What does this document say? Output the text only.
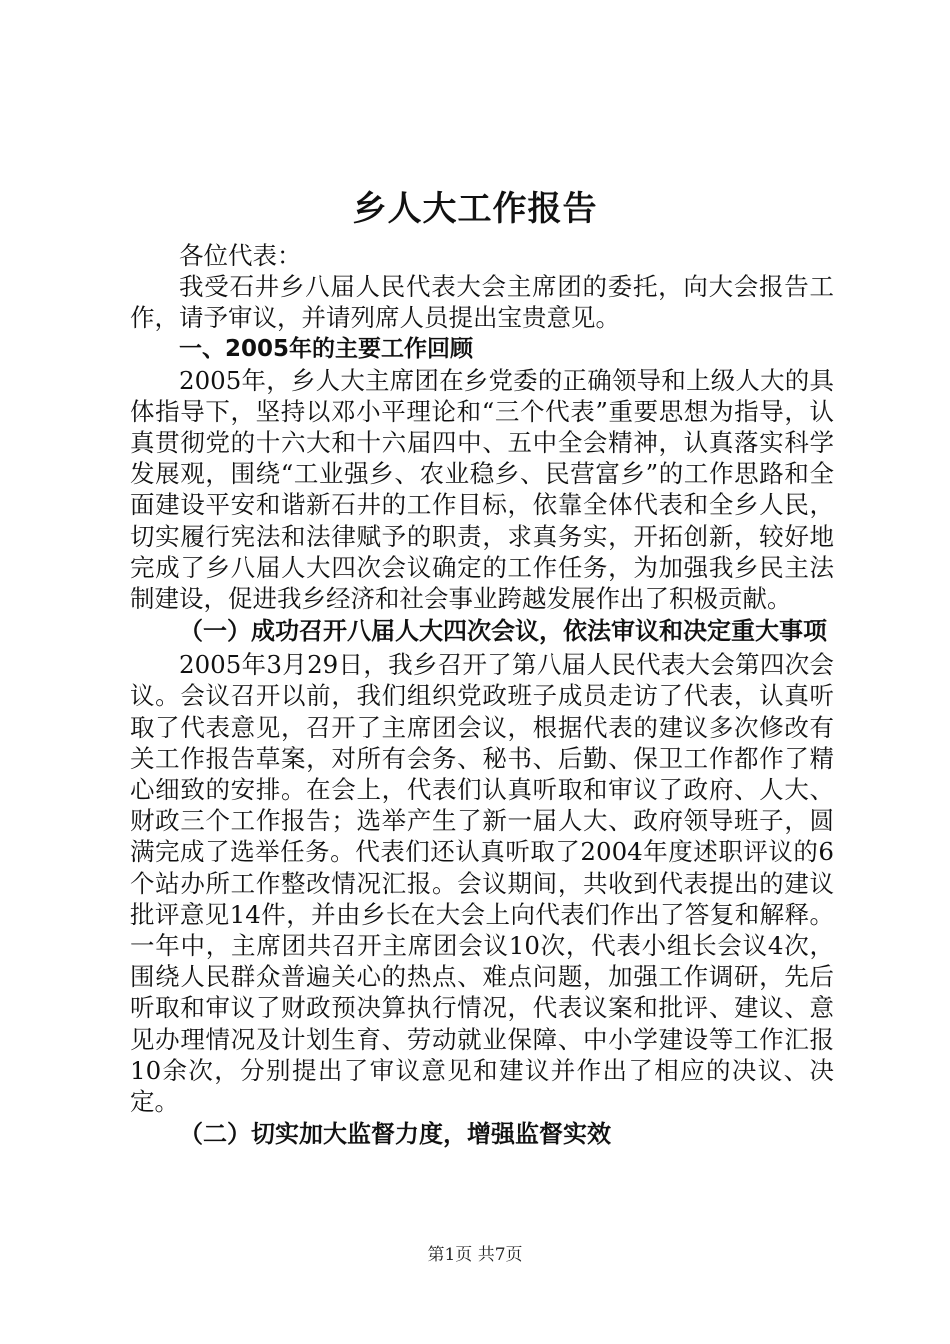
乡人大工作报告

各位代表：

我受石井乡八届人民代表大会主席团的委托，向大会报告工作，请予审议，并请列席人员提出宝贵意见。

一、2005年的主要工作回顾

2005年，乡人大主席团在乡党委的正确领导和上级人大的具体指导下，坚持以邓小平理论和“三个代表”重要思想为指导，认真贯彻党的十六大和十六届四中、五中全会精神，认真落实科学发展观，围绕“工业强乡、农业稳乡、民营富乡”的工作思路和全面建设平安和谐新石井的工作目标，依靠全体代表和全乡人民，切实履行宪法和法律赋予的职责，求真务实，开拓创新，较好地完成了乡八届人大四次会议确定的工作任务，为加强我乡民主法制建设，促进我乡经济和社会事业跨越发展作出了积极贡献。

（一）成功召开八届人大四次会议，依法审议和决定重大事项

2005年3月29日，我乡召开了第八届人民代表大会第四次会议。会议召开以前，我们组织党政班子成员走访了代表，认真听取了代表意见，召开了主席团会议，根据代表的建议多次修改有关工作报告草案，对所有会务、秘书、后勤、保卫工作都作了精心细致的安排。在会上，代表们认真听取和审议了政府、人大、财政三个工作报告；选举产生了新一届人大、政府领导班子，圆满完成了选举任务。代表们还认真听取了2004年度述职评议的6个站办所工作整改情况汇报。会议期间，共收到代表提出的建议批评意见14件，并由乡长在大会上向代表们作出了答复和解释。一年中，主席团共召开主席团会议10次，代表小组长会议4次，围绕人民群众普遍关心的热点、难点问题，加强工作调研，先后听取和审议了财政预决算执行情况，代表议案和批评、建议、意见办理情况及计划生育、劳动就业保障、中小学建设等工作汇报10余次，分别提出了审议意见和建议并作出了相应的决议、决定。

（二）切实加大监督力度，增强监督实效

第1页 共7页
